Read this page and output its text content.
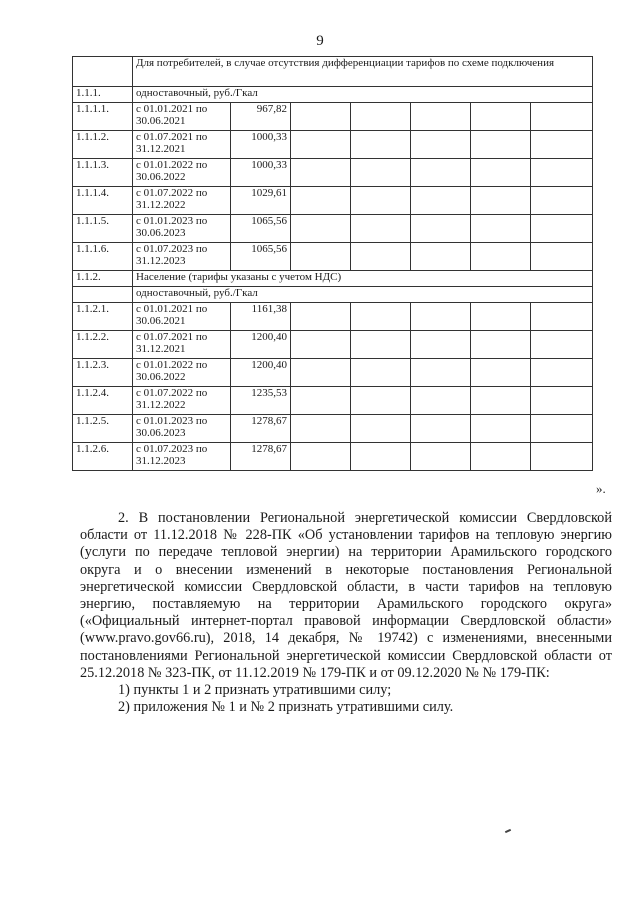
9
	Для потребителей, в случае отсутствия дифференциации тарифов по схеме подключения						
1.1.1.	одноставочный, руб./Гкал						
1.1.1.1.	с 01.01.2021 по 30.06.2021	967,82					
1.1.1.2.	с 01.07.2021 по 31.12.2021	1000,33					
1.1.1.3.	с 01.01.2022 по 30.06.2022	1000,33					
1.1.1.4.	с 01.07.2022 по 31.12.2022	1029,61					
1.1.1.5.	с 01.01.2023 по 30.06.2023	1065,56					
1.1.1.6.	с 01.07.2023 по 31.12.2023	1065,56					
1.1.2.	Население (тарифы указаны с учетом НДС)						
	одноставочный, руб./Гкал						
1.1.2.1.	с 01.01.2021 по 30.06.2021	1161,38					
1.1.2.2.	с 01.07.2021 по 31.12.2021	1200,40					
1.1.2.3.	с 01.01.2022 по 30.06.2022	1200,40					
1.1.2.4.	с 01.07.2022 по 31.12.2022	1235,53					
1.1.2.5.	с 01.01.2023 по 30.06.2023	1278,67					
1.1.2.6.	с 01.07.2023 по 31.12.2023	1278,67					
».

2. В постановлении Региональной энергетической комиссии Свердловской области от 11.12.2018 № 228-ПК «Об установлении тарифов на тепловую энергию (услуги по передаче тепловой энергии) на территории Арамильского городского округа и о внесении изменений в некоторые постановления Региональной энергетической комиссии Свердловской области, в части тарифов на тепловую энергию, поставляемую на территории Арамильского городского округа» («Официальный интернет-портал правовой информации Свердловской области» (www.pravo.gov66.ru), 2018, 14 декабря, № 19742) с изменениями, внесенными постановлениями Региональной энергетической комиссии Свердловской области от 25.12.2018 № 323-ПК, от 11.12.2019 № 179-ПК и от 09.12.2020 № № 179-ПК:

1) пункты 1 и 2 признать утратившими силу;

2) приложения № 1 и № 2 признать утратившими силу.
